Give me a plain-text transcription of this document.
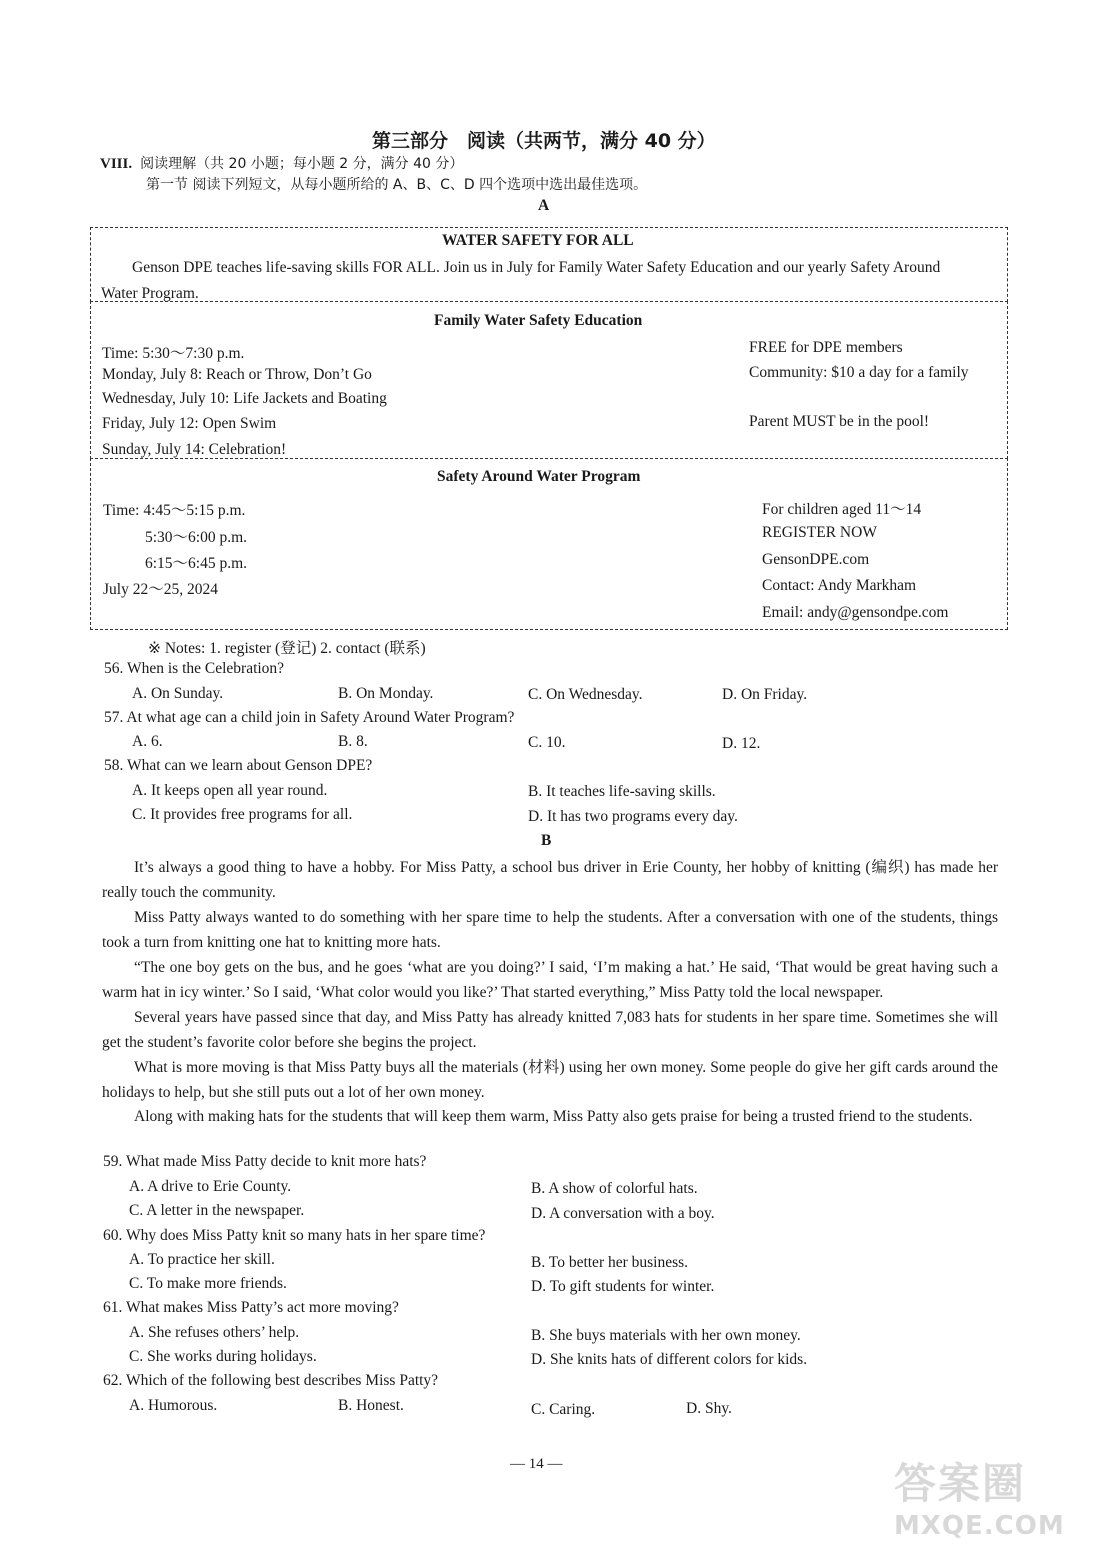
第三部分　阅读（共两节，满分 40 分）
VIII. 阅读理解（共 20 小题；每小题 2 分，满分 40 分）
第一节 阅读下列短文，从每小题所给的 A、B、C、D 四个选项中选出最佳选项。
A
WATER SAFETY FOR ALL
Genson DPE teaches life-saving skills FOR ALL. Join us in July for Family Water Safety Education and our yearly Safety Around
Water Program.
Family Water Safety Education
Time: 5:30～7:30 p.m.
Monday, July 8: Reach or Throw, Don’t Go
Wednesday, July 10: Life Jackets and Boating
Friday, July 12: Open Swim
Sunday, July 14: Celebration!
FREE for DPE members
Community: $10 a day for a family
Parent MUST be in the pool!
Safety Around Water Program
Time: 4:45～5:15 p.m.
5:30～6:00 p.m.
6:15～6:45 p.m.
July 22～25, 2024
For children aged 11～14
REGISTER NOW
GensonDPE.com
Contact: Andy Markham
Email: andy@gensondpe.com
※ Notes: 1. register (登记) 2. contact (联系)
56. When is the Celebration?
A. On Sunday.	B. On Monday.	C. On Wednesday.	D. On Friday.
57. At what age can a child join in Safety Around Water Program?
A. 6.	B. 8.	C. 10.	D. 12.
58. What can we learn about Genson DPE?
A. It keeps open all year round.	B. It teaches life-saving skills.
C. It provides free programs for all.	D. It has two programs every day.
B
It’s always a good thing to have a hobby. For Miss Patty, a school bus driver in Erie County, her hobby of knitting (编织) has made her really touch the community.
Miss Patty always wanted to do something with her spare time to help the students. After a conversation with one of the students, things took a turn from knitting one hat to knitting more hats.
“The one boy gets on the bus, and he goes ‘what are you doing?’ I said, ‘I’m making a hat.’ He said, ‘That would be great having such a warm hat in icy winter.’ So I said, ‘What color would you like?’ That started everything,” Miss Patty told the local newspaper.
Several years have passed since that day, and Miss Patty has already knitted 7,083 hats for students in her spare time. Sometimes she will get the student’s favorite color before she begins the project.
What is more moving is that Miss Patty buys all the materials (材料) using her own money. Some people do give her gift cards around the holidays to help, but she still puts out a lot of her own money.
Along with making hats for the students that will keep them warm, Miss Patty also gets praise for being a trusted friend to the students.
59. What made Miss Patty decide to knit more hats?
A. A drive to Erie County.	B. A show of colorful hats.
C. A letter in the newspaper.	D. A conversation with a boy.
60. Why does Miss Patty knit so many hats in her spare time?
A. To practice her skill.	B. To better her business.
C. To make more friends.	D. To gift students for winter.
61. What makes Miss Patty’s act more moving?
A. She refuses others’ help.	B. She buys materials with her own money.
C. She works during holidays.	D. She knits hats of different colors for kids.
62. Which of the following best describes Miss Patty?
A. Humorous.	B. Honest.	C. Caring.	D. Shy.
— 14 —	答案圈
MXQE.COM
